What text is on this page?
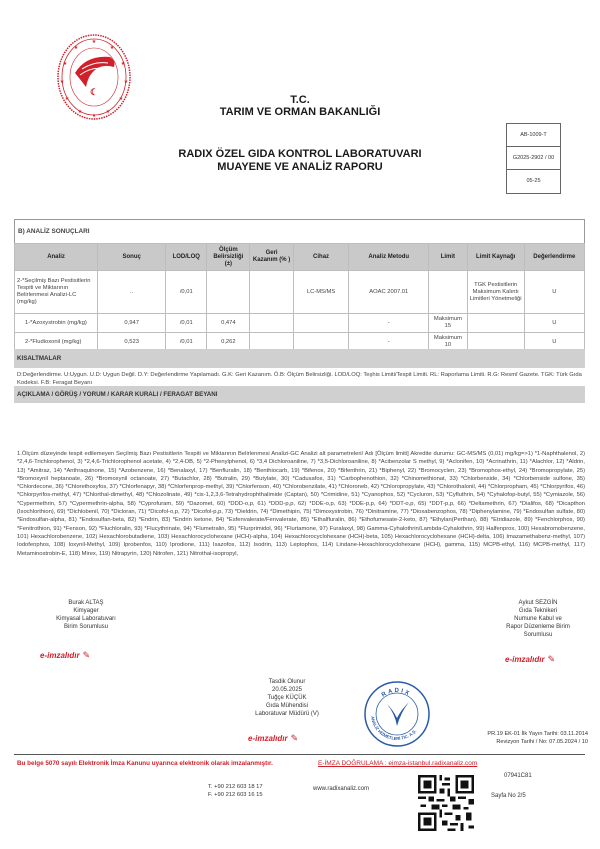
★
★	★
★	★
★	★
★	★
★	★
★
☾
T.C.
TARIM VE ORMAN BAKANLIĞI
RADIX ÖZEL GIDA KONTROL LABORATUVARI
MUAYENE VE ANALİZ RAPORU
AB-1009-T
G2025-2902 / 00
05-25
B) ANALİZ SONUÇLARI									
Analiz	Sonuç	LOD/LOQ	Ölçüm Belirsizliği (±)	Geri Kazanım (% )	Cihaz	Analiz Metodu	Limit	Limit Kaynağı	Değerlendirme
2-*Seçilmiş Bazı Pestisitlerin Tespiti ve Miktarının Belirlenmesi Analizi-LC (mg/kg)	..	/0,01			LC-MS/MS	AOAC 2007.01		TGK Pestisitlerin Maksimum Kalıntı Limitleri Yönetmeliği	U
1-*Azoxystrobin (mg/kg)	0,947	/0,01	0,474			-	Maksimum 15		U
2-*Fludioxonil (mg/kg)	0,523	/0,01	0,262			-	Maksimum 10		U
KISALTMALAR
D:Değerlendirme. U:Uygun. U.D: Uygun Değil. D.Y: Değerlendirme Yapılamadı. G.K: Geri Kazanım. Ö.B: Ölçüm Belirsizliği. LOD/LOQ: Teşhis Limiti/Tespit Limiti. RL: Raporlama Limiti. R.G: Resmî Gazete. TGK: Türk Gıda Kodeksi. F.B: Feragat Beyanı
AÇIKLAMA / GÖRÜŞ / YORUM / KARAR KURALI / FERAGAT BEYANI
1.Ölçüm düzeyinde tespit edilemeyen Seçilmiş Bazı Pestisitlerin Tespiti ve Miktarının Belirlenmesi Analizi-GC Analizi alt parametreleri/ Adı [Ölçüm limiti] Akredite durumu: GC-MS/MS (0,01) mg/kg=>1) *1-Naphthalenol, 2) *2,4,6-Trichlorophenol, 3) *2,4,6-Trichlorophenol acetate, 4) *2,4-DB, 5) *2-Phenylphenol, 6) *3,4 Dichloroaniline, 7) *3,5-Dichloroaniline, 8) *Acibenzolar S methyl, 9) *Aclonifen, 10) *Acrinathrin, 11) *Alachlor, 12) *Aldrin, 13) *Amitraz, 14) *Anthraquinone, 15) *Azobenzene, 16) *Benalaxyl, 17) *Benfluralin, 18) *Benthiocarb, 19) *Bifenox, 20) *Bifenthrin, 21) *Biphenyl, 22) *Bromocyclen, 23) *Bromophos-ethyl, 24) *Bromopropylate, 25) *Bromoxynil heptanoate, 26) *Bromoxynil octanoate, 27) *Butachlor, 28) *Butralin, 29) *Butylate, 30) *Cadusafos, 31) *Carbophenothion, 32) *Chinomethionat, 33) *Chlorbenside, 34) *Chlorbenside sulfone, 35) *Chlordecone, 36) *Chlorethoxyfos, 37) *Chlorfenapyr, 38) *Chlorfenprop-methyl, 39) *Chlorfenson, 40) *Chlorobenzilate, 41) *Chloroneb, 42) *Chloropropylate, 43) *Chlorothalonil, 44) *Chlorpropham, 45) *Chlorpyrifos, 46) *Chlorpyrifos-methyl, 47) *Chlorthal-dimethyl, 48) *Chlozolinate, 49) *cis-1,2,3,6-Tetrahydrophthalimide (Captan), 50) *Crimidine, 51) *Cyanophos, 52) *Cycluron, 53) *Cyfluthrin, 54) *Cyhalofop-butyl, 55) *Cymiazole, 56) *Cypermethrin, 57) *Cypermethrin-alpha, 58) *Cyprofuram, 59) *Dazomet, 60) *DDD-o,p, 61) *DDD-p,p, 62) *DDE-o,p, 63) *DDE-p,p, 64) *DDT-o,p, 65) *DDT-p,p, 66) *Deltamethrin, 67) *Dialifos, 68) *Dicapthon (Isochlorthion), 69) *Dichlobenil, 70) *Dicloran, 71) *Dicofol-o,p, 72) *Dicofol-p,p, 73) *Dieldrin, 74) *Dimethipin, 75) *Dimoxystrobin, 76) *Dinitramine, 77) *Dioxabenzophos, 78) *Diphenylamine, 79) *Endosulfan sulfate, 80) *Endosulfan-alpha, 81) *Endosulfan-beta, 82) *Endrin, 83) *Endrin ketone, 84) *Esfenvalerate/Fenvalerate, 85) *Ethalfluralin, 86) *Ethofumesate-2-keto, 87) *Ethylan(Perthan), 88) *Etridiazole, 89) *Fenchlorphos, 90) *Fenitrothion, 91) *Fenson, 92) *Fluchloralin, 93) *Flucythrinate, 94) *Flumetralin, 95) *Flurprimidol, 96) *Flurtamone, 97) Furalaxyl, 98) Gamma-Cyhalothrin/Lambda-Cyhalothrin, 99) Halfenprox, 100) Hexabromobenzene, 101) Hexachlorobenzene, 102) Hexachlorobutadiene, 103) Hexachlorocyclohexane (HCH)-alpha, 104) Hexachlorocyclohexane (HCH)-beta, 105) Hexachlorocyclohexane (HCH)-delta, 106) Imazamethabenz-methyl, 107) Iodofenphos, 108) Ioxynil-Methyl, 109) Iprobenfos, 110) Iprodione, 111) Isazofos, 112) Isodrin, 113) Leptophos, 114) Lindane-Hexachlorocyclohexane (HCH), gamma, 115) MCPB-ethyl, 116) MCPB-methyl, 117) Metaminostrobin-E, 118) Mirex, 119) Nitrapyrin, 120) Nitrofen, 121) Nitrothal-isopropyl,
Burak ALTAŞ
Kimyager
Kimyasal Laboratuvarı
Birim Sorumlusu
e-imzalıdır ✎
Aykut SEZGİN
Gıda Teknikeri
Numune Kabul ve
Rapor Düzenleme Birim
Sorumlusu
e-imzalıdır ✎
Tasdik Olunur
20.05.2025
Tuğçe KÜÇÜK
Gıda Mühendisi
Laboratuvar Müdürü (V)
e-imzalıdır ✎
RADIX
ANALİZ HİZMETLERİ TİC. A.Ş.
PR.19 EK-01 İlk Yayın Tarihi: 03.11.2014
Revizyon Tarihi / No: 07.05.2024 / 10
Bu belge 5070 sayılı Elektronik İmza Kanunu uyarınca elektronik olarak imzalanmıştır.	E-İMZA DOĞRULAMA : eimza-istanbul.radixanaliz.com
T. +90 212 603 18 17
F. +90 212 603 16 15
www.radixanaliz.com
07941C81
Sayfa No 2/5
